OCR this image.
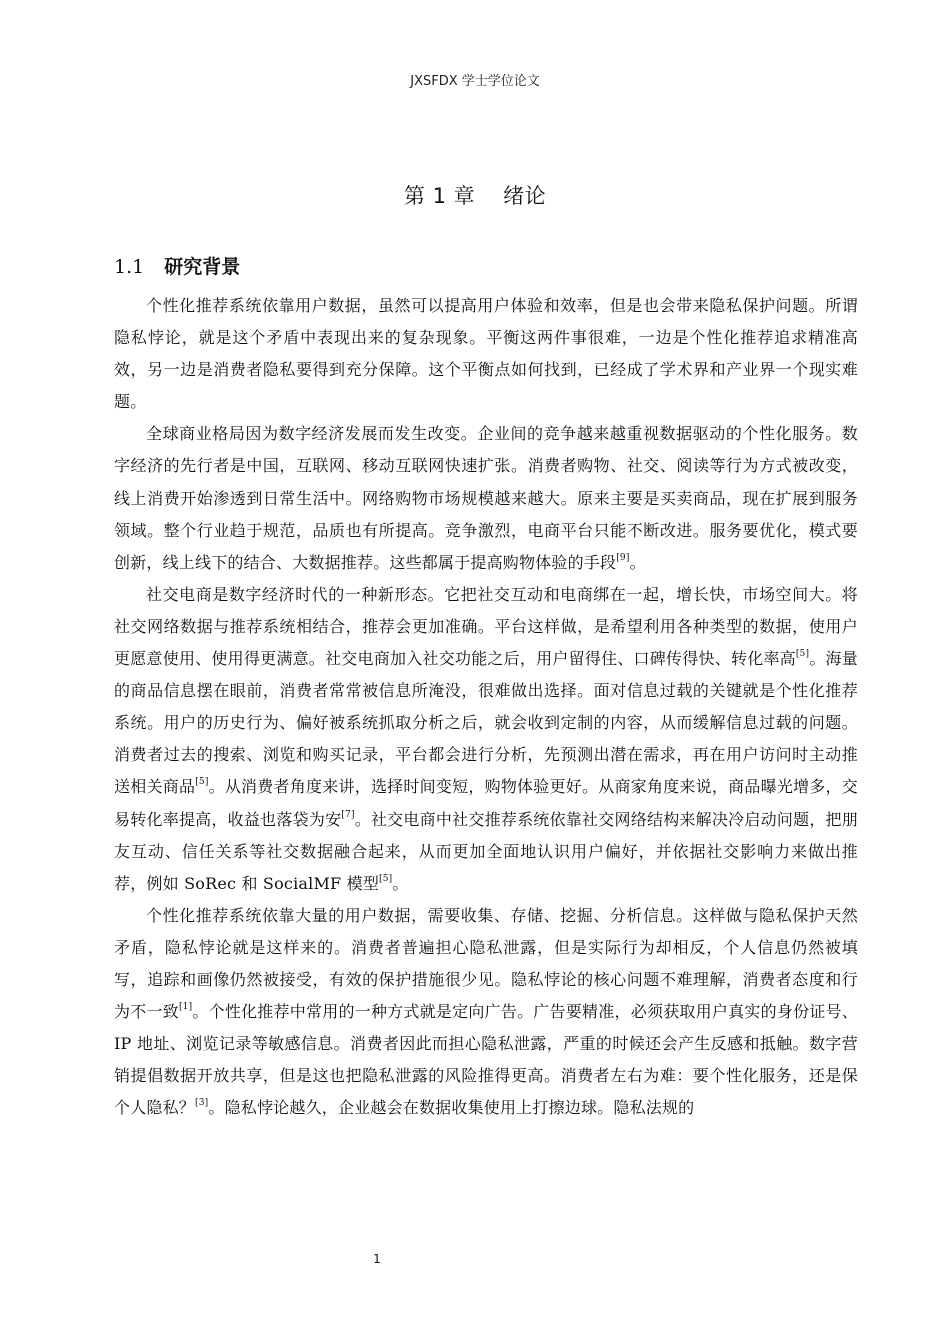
JXSFDX 学士学位论文
第 1 章 绪论
1.1 研究背景

个性化推荐系统依靠用户数据，虽然可以提高用户体验和效率，但是也会带来隐私保护问题。所谓隐私悖论，就是这个矛盾中表现出来的复杂现象。平衡这两件事很难，一边是个性化推荐追求精准高效，另一边是消费者隐私要得到充分保障。这个平衡点如何找到，已经成了学术界和产业界一个现实难题。

全球商业格局因为数字经济发展而发生改变。企业间的竞争越来越重视数据驱动的个性化服务。数字经济的先行者是中国，互联网、移动互联网快速扩张。消费者购物、社交、阅读等行为方式被改变，线上消费开始渗透到日常生活中。网络购物市场规模越来越大。原来主要是买卖商品，现在扩展到服务领域。整个行业趋于规范，品质也有所提高。竞争激烈，电商平台只能不断改进。服务要优化，模式要创新，线上线下的结合、大数据推荐。这些都属于提高购物体验的手段[9]。

社交电商是数字经济时代的一种新形态。它把社交互动和电商绑在一起，增长快，市场空间大。将社交网络数据与推荐系统相结合，推荐会更加准确。平台这样做，是希望利用各种类型的数据，使用户更愿意使用、使用得更满意。社交电商加入社交功能之后，用户留得住、口碑传得快、转化率高[5]。海量的商品信息摆在眼前，消费者常常被信息所淹没，很难做出选择。面对信息过载的关键就是个性化推荐系统。用户的历史行为、偏好被系统抓取分析之后，就会收到定制的内容，从而缓解信息过载的问题。消费者过去的搜索、浏览和购买记录，平台都会进行分析，先预测出潜在需求，再在用户访问时主动推送相关商品[5]。从消费者角度来讲，选择时间变短，购物体验更好。从商家角度来说，商品曝光增多，交易转化率提高，收益也落袋为安[7]。社交电商中社交推荐系统依靠社交网络结构来解决冷启动问题，把朋友互动、信任关系等社交数据融合起来，从而更加全面地认识用户偏好，并依据社交影响力来做出推荐，例如 SoRec 和 SocialMF 模型[5]。

个性化推荐系统依靠大量的用户数据，需要收集、存储、挖掘、分析信息。这样做与隐私保护天然矛盾，隐私悖论就是这样来的。消费者普遍担心隐私泄露，但是实际行为却相反，个人信息仍然被填写，追踪和画像仍然被接受，有效的保护措施很少见。隐私悖论的核心问题不难理解，消费者态度和行为不一致[1]。个性化推荐中常用的一种方式就是定向广告。广告要精准，必须获取用户真实的身份证号、IP 地址、浏览记录等敏感信息。消费者因此而担心隐私泄露，严重的时候还会产生反感和抵触。数字营销提倡数据开放共享，但是这也把隐私泄露的风险推得更高。消费者左右为难：要个性化服务，还是保个人隐私？[3]。隐私悖论越久，企业越会在数据收集使用上打擦边球。隐私法规的

1
